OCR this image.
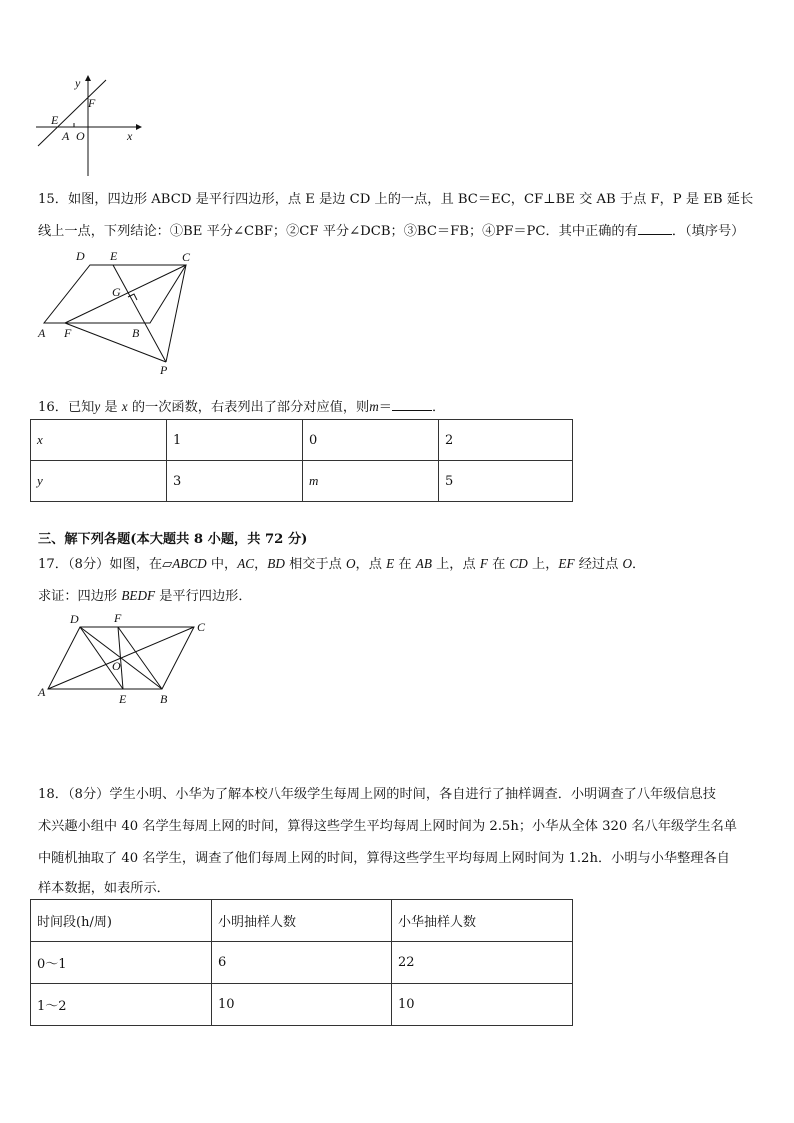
y
F
E
A O	x
15．如图，四边形 ABCD 是平行四边形，点 E 是边 CD 上的一点，且 BC＝EC，CF⊥BE 交 AB 于点 F，P 是 EB 延长
线上一点，下列结论：①BE 平分∠CBF；②CF 平分∠DCB；③BC＝FB；④PF＝PC．其中正确的有	．（填序号）
D E	C
G
A F	B
P
16．已知y 是 x 的一次函数，右表列出了部分对应值，则m＝	．
x	1	0	2
y	3	m	5
三、解下列各题(本大题共 8 小题，共 72 分)
17．（8分）如图，在▱ABCD 中，AC，BD 相交于点 O，点 E 在 AB 上，点 F 在 CD 上，EF 经过点 O．
求证：四边形 BEDF 是平行四边形．
D	F
C
O
A	E	B
18．（8分）学生小明、小华为了解本校八年级学生每周上网的时间，各自进行了抽样调查．小明调查了八年级信息技
术兴趣小组中 40 名学生每周上网的时间，算得这些学生平均每周上网时间为 2.5h；小华从全体 320 名八年级学生名单
中随机抽取了 40 名学生，调查了他们每周上网的时间，算得这些学生平均每周上网时间为 1.2h．小明与小华整理各自
样本数据，如表所示．
时间段(h/周)	小明抽样人数	小华抽样人数
0～1	6	22
1～2	10	10
